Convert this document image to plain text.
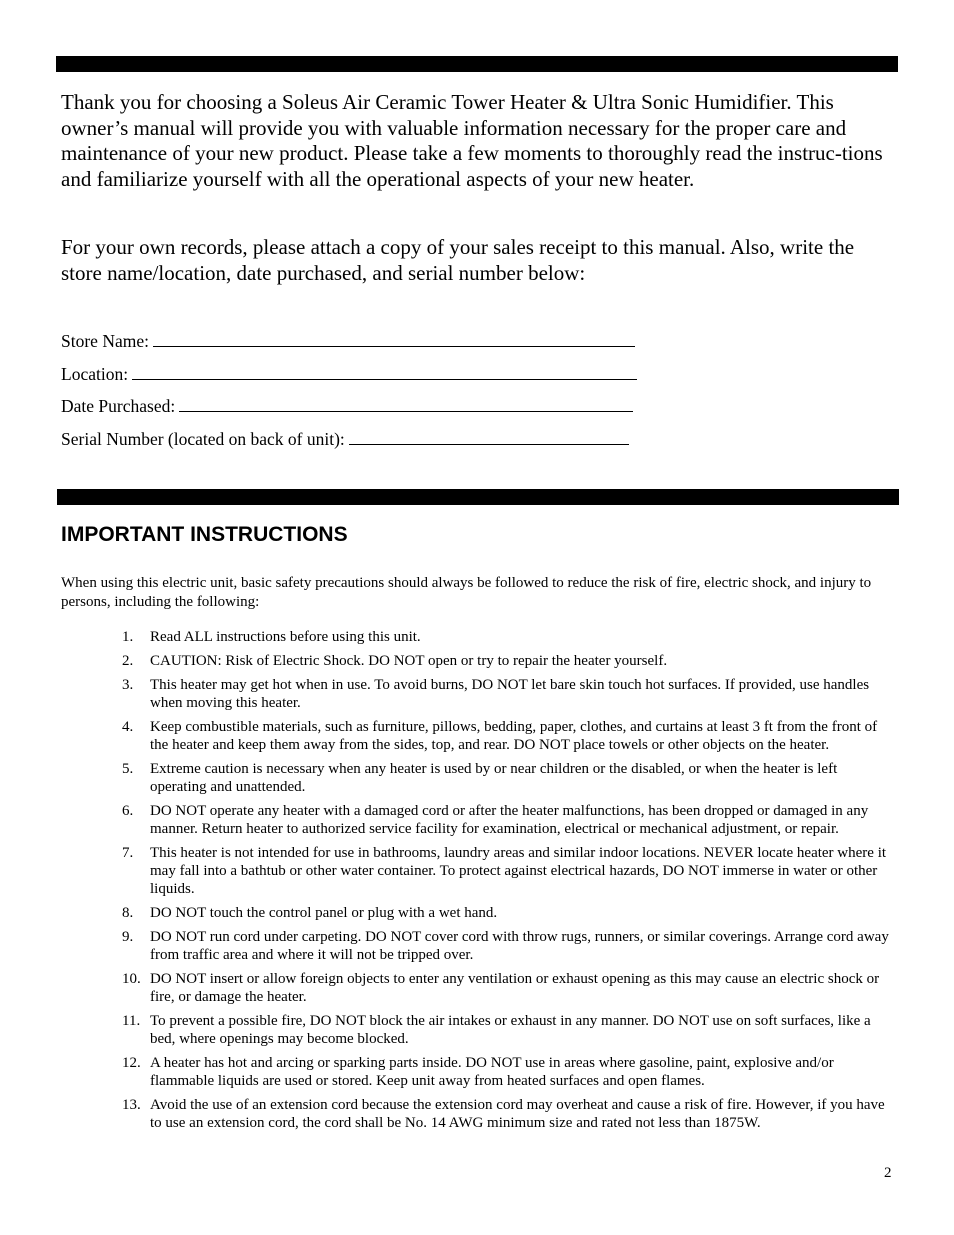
Thank you for choosing a Soleus Air Ceramic Tower Heater & Ultra Sonic Humidifier. This owner’s manual will provide you with valuable information necessary for the proper care and maintenance of your new product. Please take a few moments to thoroughly read the instruc-tions and familiarize yourself with all the operational aspects of your new heater.

For your own records, please attach a copy of your sales receipt to this manual. Also, write the store name/location, date purchased, and serial number below:

Store Name:
Location:
Date Purchased:
Serial Number (located on back of unit):
IMPORTANT INSTRUCTIONS

When using this electric unit, basic safety precautions should always be followed to reduce the risk of fire, electric shock, and injury to persons, including the following:

1. Read ALL instructions before using this unit.
2. CAUTION: Risk of Electric Shock. DO NOT open or try to repair the heater yourself.
3. This heater may get hot when in use. To avoid burns, DO NOT let bare skin touch hot surfaces. If provided, use handles when moving this heater.
4. Keep combustible materials, such as furniture, pillows, bedding, paper, clothes, and curtains at least 3 ft from the front of the heater and keep them away from the sides, top, and rear. DO NOT place towels or other objects on the heater.
5. Extreme caution is necessary when any heater is used by or near children or the disabled, or when the heater is left operating and unattended.
6. DO NOT operate any heater with a damaged cord or after the heater malfunctions, has been dropped or damaged in any manner. Return heater to authorized service facility for examination, electrical or mechanical adjustment, or repair.
7. This heater is not intended for use in bathrooms, laundry areas and similar indoor locations. NEVER locate heater where it may fall into a bathtub or other water container. To protect against electrical hazards, DO NOT immerse in water or other liquids.
8. DO NOT touch the control panel or plug with a wet hand.
9. DO NOT run cord under carpeting. DO NOT cover cord with throw rugs, runners, or similar coverings. Arrange cord away from traffic area and where it will not be tripped over.
10. DO NOT insert or allow foreign objects to enter any ventilation or exhaust opening as this may cause an electric shock or fire, or damage the heater.
11. To prevent a possible fire, DO NOT block the air intakes or exhaust in any manner. DO NOT use on soft surfaces, like a bed, where openings may become blocked.
12. A heater has hot and arcing or sparking parts inside. DO NOT use in areas where gasoline, paint, explosive and/or flammable liquids are used or stored. Keep unit away from heated surfaces and open flames.
13. Avoid the use of an extension cord because the extension cord may overheat and cause a risk of fire. However, if you have to use an extension cord, the cord shall be No. 14 AWG minimum size and rated not less than 1875W.
2
